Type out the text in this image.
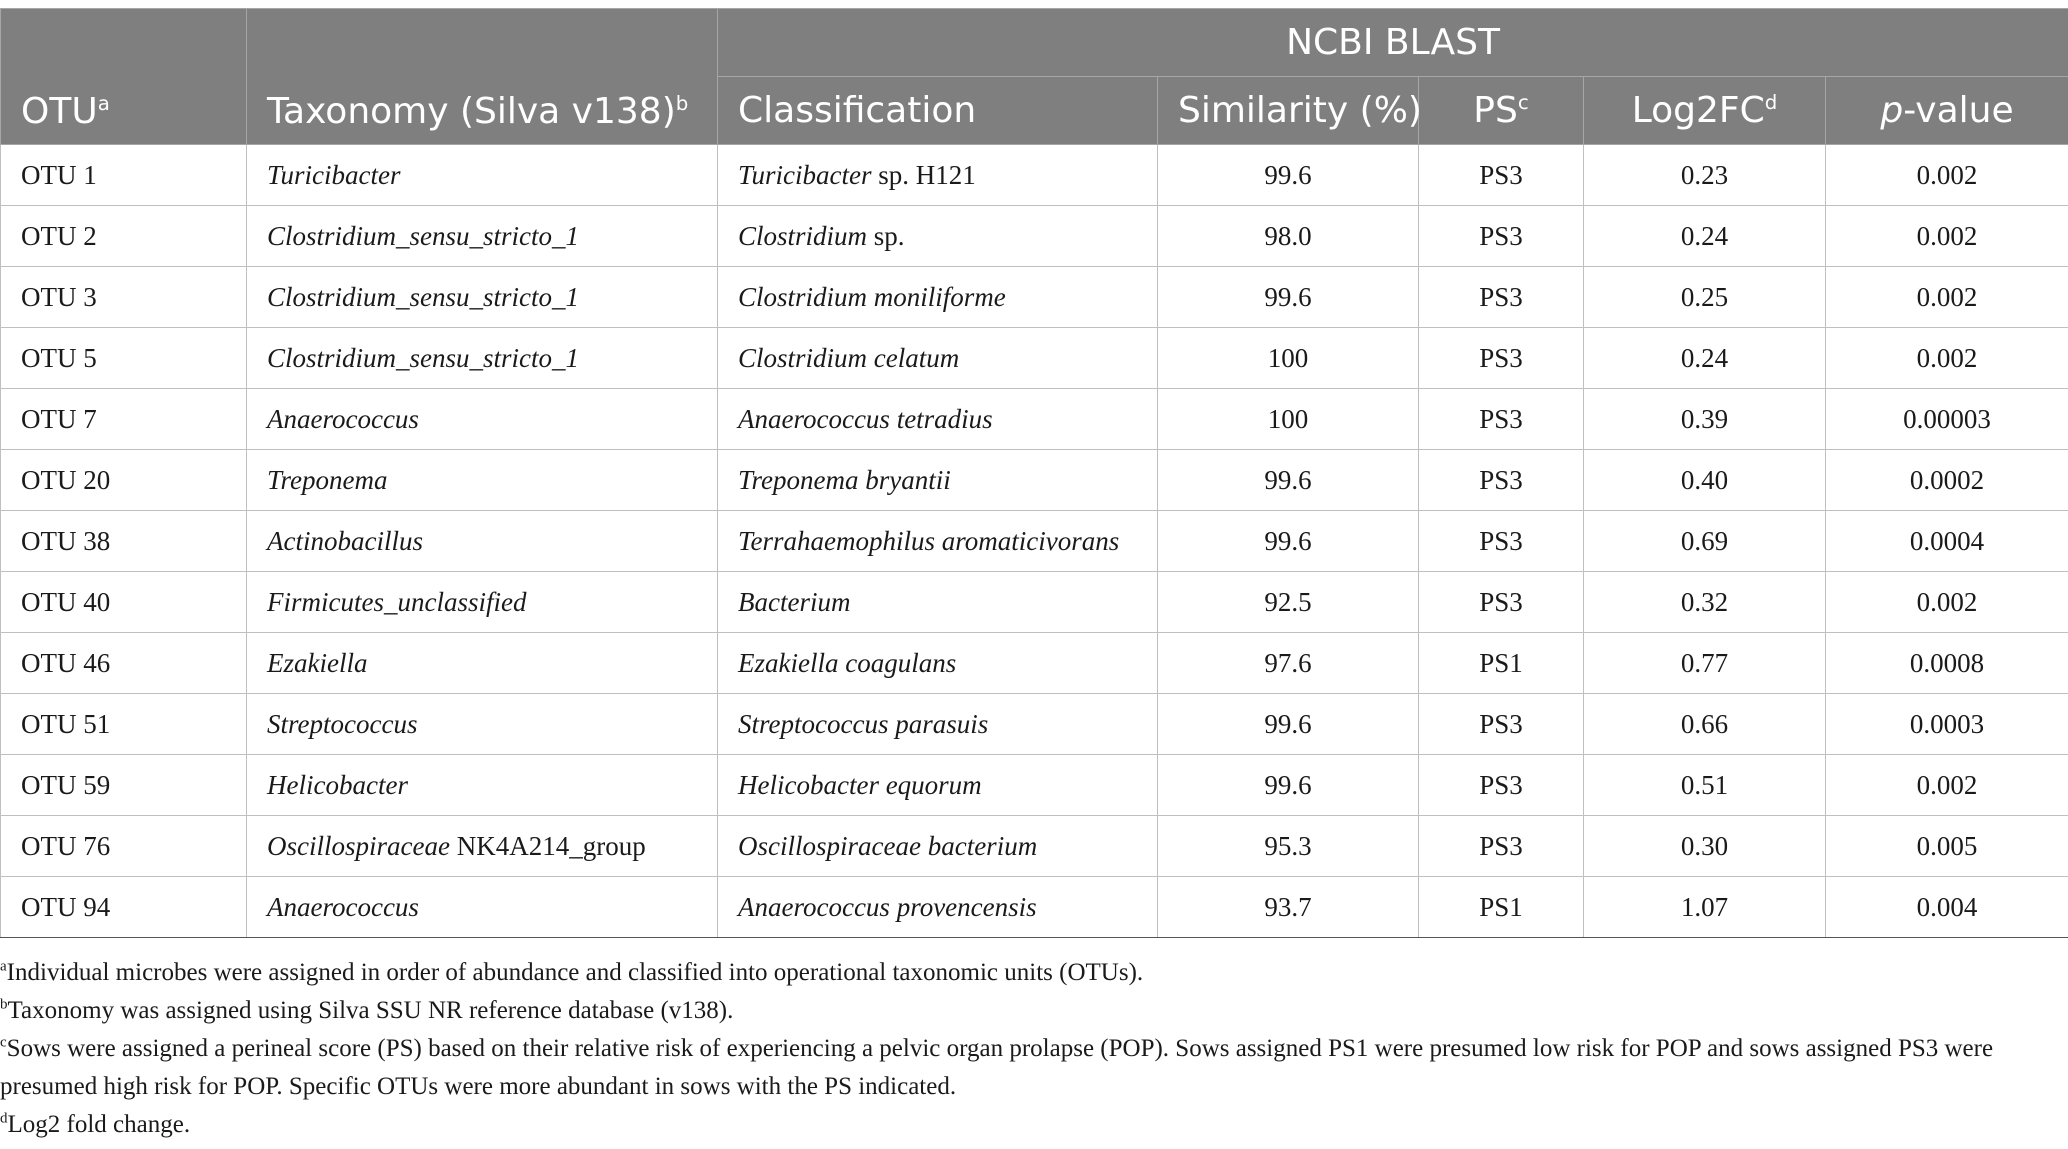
OTU$^a$	Taxonomy (Silva v138)$^b$	NCBI BLAST				
		Classification	Similarity (%)	$PS^c$	$Log2FC^d$	p-value
OTU 1	Turicibacter	Turicibacter sp. H121	99.6	PS3	0.23	0.002
OTU 2	Clostridium_sensu_stricto_1	Clostridium sp.	98.0	PS3	0.24	0.002
OTU 3	Clostridium_sensu_stricto_1	Clostridium moniliforme	99.6	PS3	0.25	0.002
OTU 5	Clostridium_sensu_stricto_1	Clostridium celatum	100	PS3	0.24	0.002
OTU 7	Anaerococcus	Anaerococcus tetradius	100	PS3	0.39	0.00003
OTU 20	Treponema	Treponema bryantii	99.6	PS3	0.40	0.0002
OTU 38	Actinobacillus	Terrahaemophilus aromaticivorans	99.6	PS3	0.69	0.0004
OTU 40	Firmicutes_unclassified	Bacterium	92.5	PS3	0.32	0.002
OTU 46	Ezakiella	Ezakiella coagulans	97.6	PS1	0.77	0.0008
OTU 51	Streptococcus	Streptococcus parasuis	99.6	PS3	0.66	0.0003
OTU 59	Helicobacter	Helicobacter equorum	99.6	PS3	0.51	0.002
OTU 76	Oscillospiraceae NK4A214_group	Oscillospiraceae bacterium	95.3	PS3	0.30	0.005
OTU 94	Anaerococcus	Anaerococcus provencensis	93.7	PS1	1.07	0.004

$^a$Individual microbes were assigned in order of abundance and classified into operational taxonomic units (OTUs).

$^b$Taxonomy was assigned using Silva SSU NR reference database (v138).

$^c$Sows were assigned a perineal score (PS) based on their relative risk of experiencing a pelvic organ prolapse (POP). Sows assigned PS1 were presumed low risk for POP and sows assigned PS3 were presumed high risk for POP. Specific OTUs were more abundant in sows with the PS indicated.

$^d$Log2 fold change.
